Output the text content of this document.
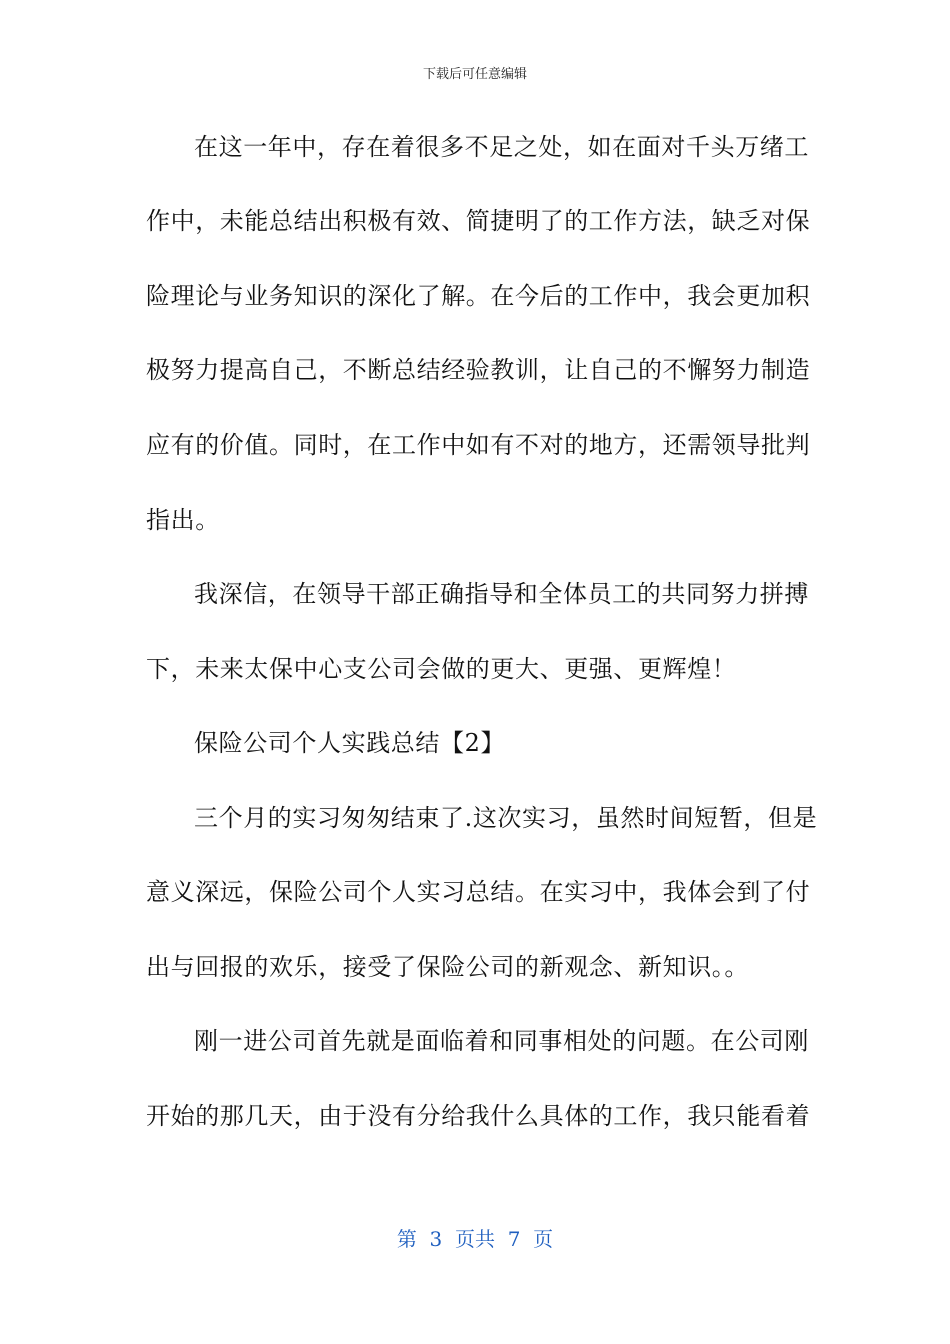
下载后可任意编辑
在这一年中，存在着很多不足之处，如在面对千头万绪工
作中，未能总结出积极有效、简捷明了的工作方法，缺乏对保
险理论与业务知识的深化了解。在今后的工作中，我会更加积
极努力提高自己，不断总结经验教训，让自己的不懈努力制造
应有的价值。同时，在工作中如有不对的地方，还需领导批判
指出。
我深信，在领导干部正确指导和全体员工的共同努力拼搏
下，未来太保中心支公司会做的更大、更强、更辉煌！
保险公司个人实践总结【2】
三个月的实习匆匆结束了.这次实习，虽然时间短暂，但是
意义深远，保险公司个人实习总结。在实习中，我体会到了付
出与回报的欢乐，接受了保险公司的新观念、新知识。。
刚一进公司首先就是面临着和同事相处的问题。在公司刚
开始的那几天，由于没有分给我什么具体的工作，我只能看着
第  3  页共  7  页
